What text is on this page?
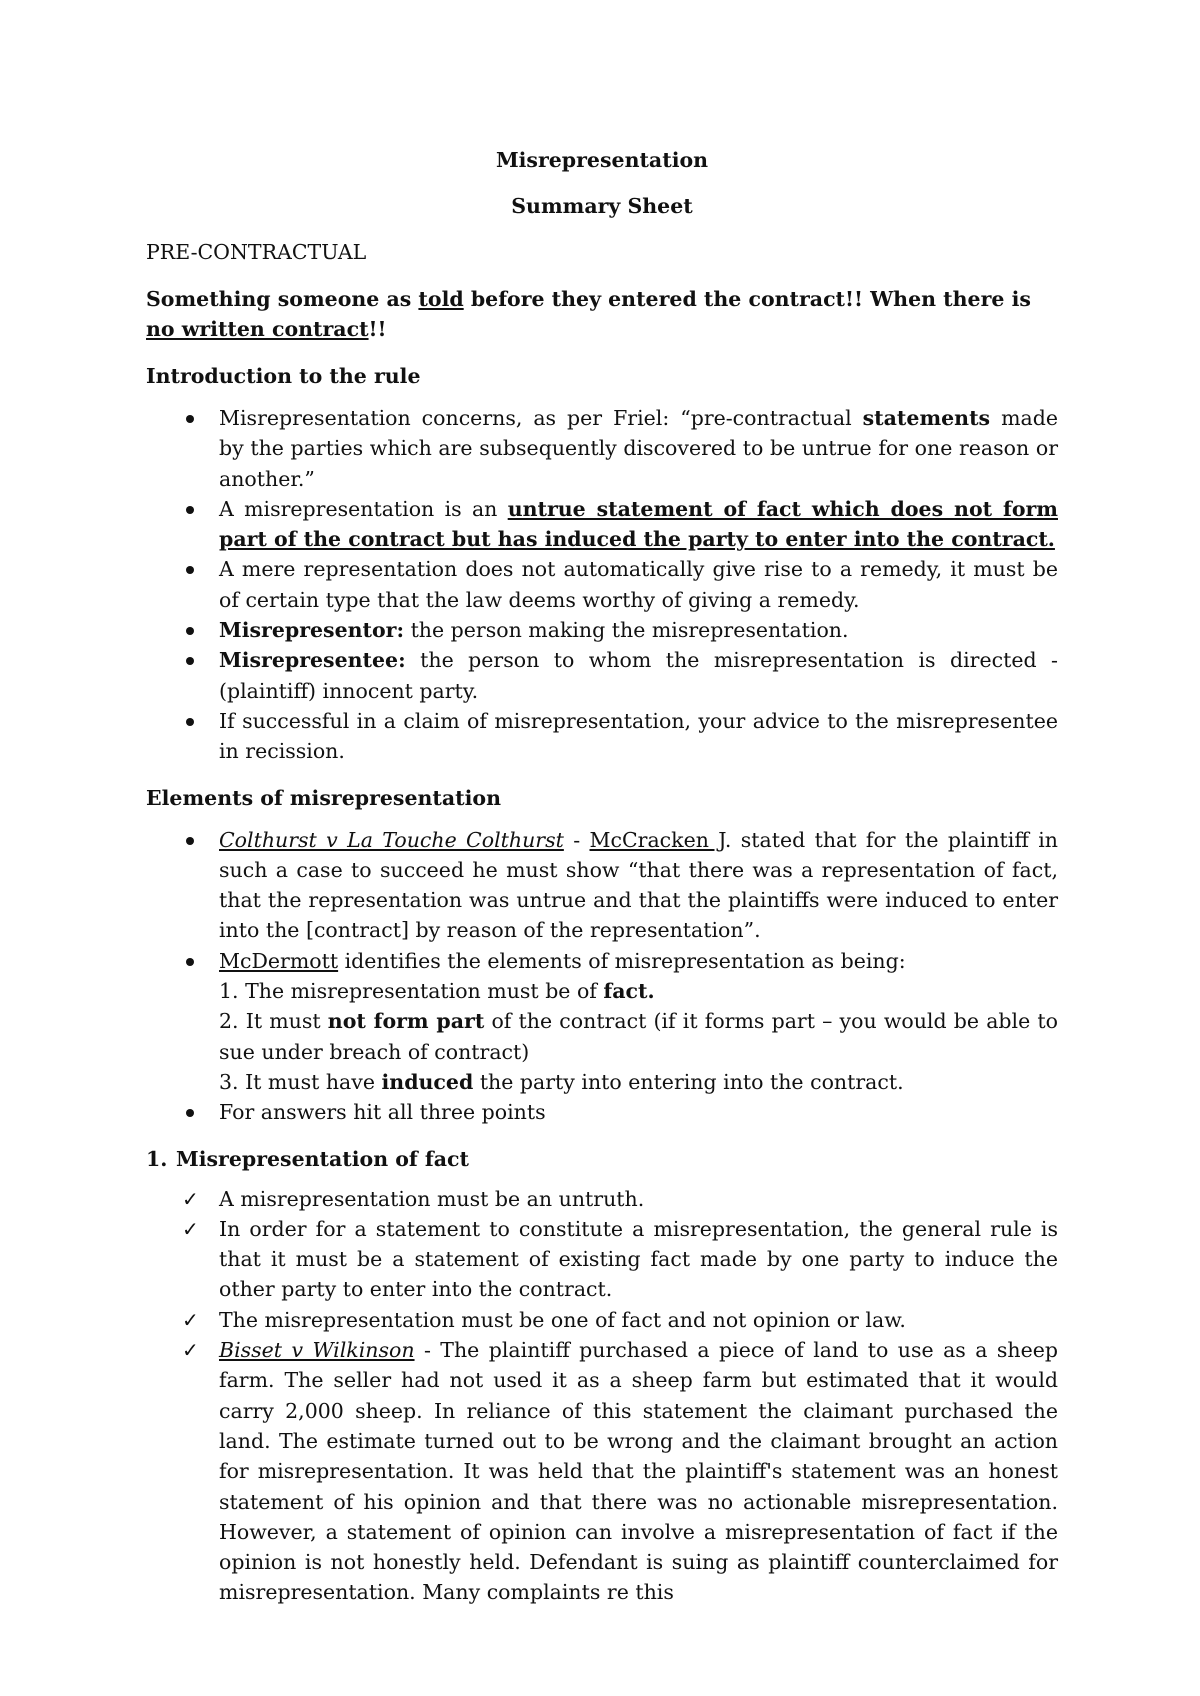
Misrepresentation
Summary Sheet
PRE-CONTRACTUAL
Something someone as told before they entered the contract!! When there is no written contract!!
Introduction to the rule
Misrepresentation concerns, as per Friel: “pre-contractual statements made by the parties which are subsequently discovered to be untrue for one reason or another.”
A misrepresentation is an untrue statement of fact which does not form part of the contract but has induced the party to enter into the contract.
A mere representation does not automatically give rise to a remedy, it must be of certain type that the law deems worthy of giving a remedy.
Misrepresentor: the person making the misrepresentation.
Misrepresentee: the person to whom the misrepresentation is directed - (plaintiff) innocent party.
If successful in a claim of misrepresentation, your advice to the misrepresentee in recission.
Elements of misrepresentation
Colthurst v La Touche Colthurst - McCracken J. stated that for the plaintiff in such a case to succeed he must show “that there was a representation of fact, that the representation was untrue and that the plaintiffs were induced to enter into the [contract] by reason of the representation”.
McDermott identifies the elements of misrepresentation as being:
1. The misrepresentation must be of fact.
2. It must not form part of the contract (if it forms part – you would be able to sue under breach of contract)
3. It must have induced the party into entering into the contract.
For answers hit all three points
1. Misrepresentation of fact
✓ A misrepresentation must be an untruth.
✓ In order for a statement to constitute a misrepresentation, the general rule is that it must be a statement of existing fact made by one party to induce the other party to enter into the contract.
✓ The misrepresentation must be one of fact and not opinion or law.
✓ Bisset v Wilkinson - The plaintiff purchased a piece of land to use as a sheep farm. The seller had not used it as a sheep farm but estimated that it would carry 2,000 sheep. In reliance of this statement the claimant purchased the land. The estimate turned out to be wrong and the claimant brought an action for misrepresentation. It was held that the plaintiff's statement was an honest statement of his opinion and that there was no actionable misrepresentation. However, a statement of opinion can involve a misrepresentation of fact if the opinion is not honestly held. Defendant is suing as plaintiff counterclaimed for misrepresentation. Many complaints re this
